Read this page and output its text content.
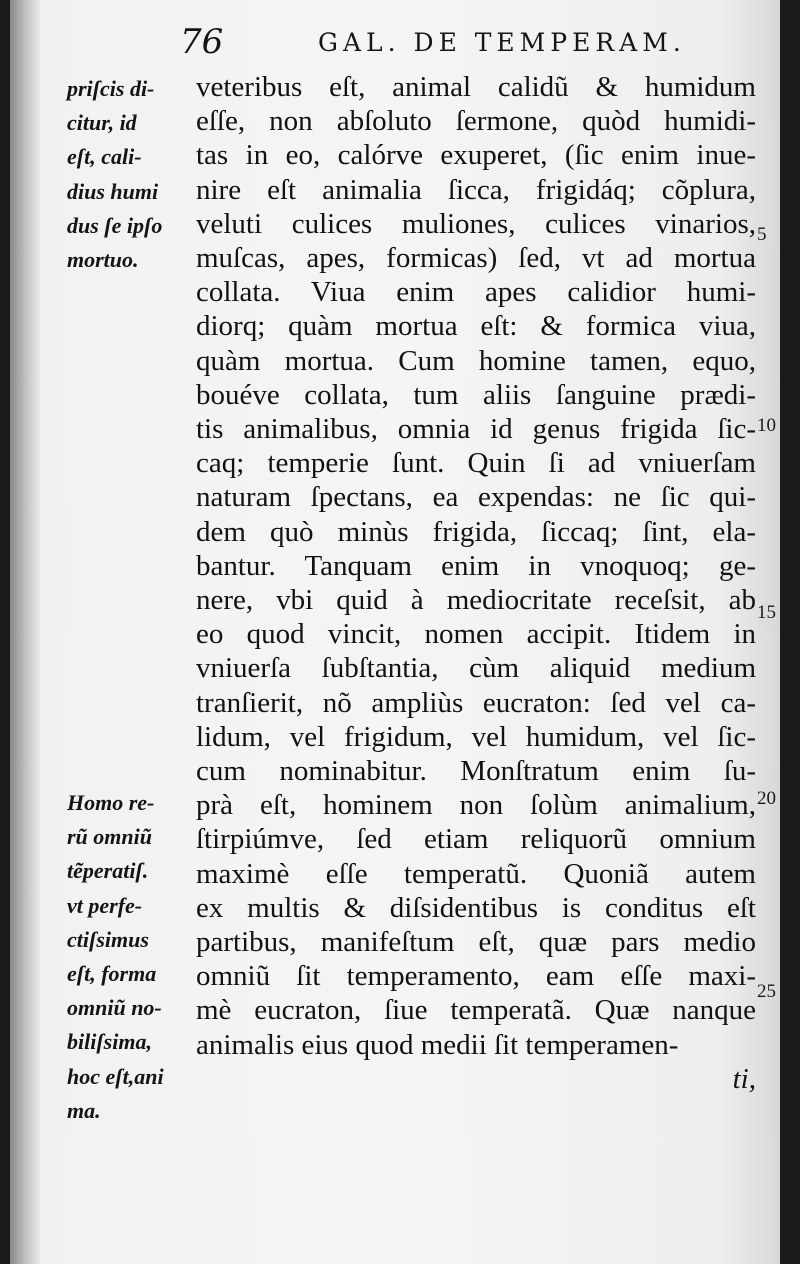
76	GAL. DE TEMPERAM.
priſcis di-
citur, id
eſt, cali-
dius humi
dus ſe ipſo
mortuo.
Homo re-
rũ omniũ
tẽperatiſ.
vt perfe-
ctiſsimus
eſt, forma
omniũ no-
biliſsima,
hoc eſt,ani
ma.
veteribus eſt, animal calidũ & humidum
eſſe, non abſoluto ſermone, quòd humidi-
tas in eo, calórve exuperet, (ſic enim inue-
nire eſt animalia ſicca, frigidáq; cõplura,
veluti culices muliones, culices vinarios,
muſcas, apes, formicas) ſed, vt ad mortua
collata. Viua enim apes calidior humi-
diorq; quàm mortua eſt: & formica viua,
quàm mortua. Cum homine tamen, equo,
bouéve collata, tum aliis ſanguine prædi-
tis animalibus, omnia id genus frigida ſic-
caq; temperie ſunt. Quin ſi ad vniuerſam
naturam ſpectans, ea expendas: ne ſic qui-
dem quò minùs frigida, ſiccaq; ſint, ela-
bantur. Tanquam enim in vnoquoq; ge-
nere, vbi quid à mediocritate receſsit, ab
eo quod vincit, nomen accipit. Itidem in
vniuerſa ſubſtantia, cùm aliquid medium
tranſierit, nõ ampliùs eucraton: ſed vel ca-
lidum, vel frigidum, vel humidum, vel ſic-
cum nominabitur. Monſtratum enim ſu-
prà eſt, hominem non ſolùm animalium,
ſtirpiúmve, ſed etiam reliquorũ omnium
maximè eſſe temperatũ. Quoniã autem
ex multis & diſsidentibus is conditus eſt
partibus, manifeſtum eſt, quæ pars medio
omniũ ſit temperamento, eam eſſe maxi-
mè eucraton, ſiue temperatã. Quæ nanque
animalis eius quod medii ſit temperamen-
ti,
5
10
15
20
25
